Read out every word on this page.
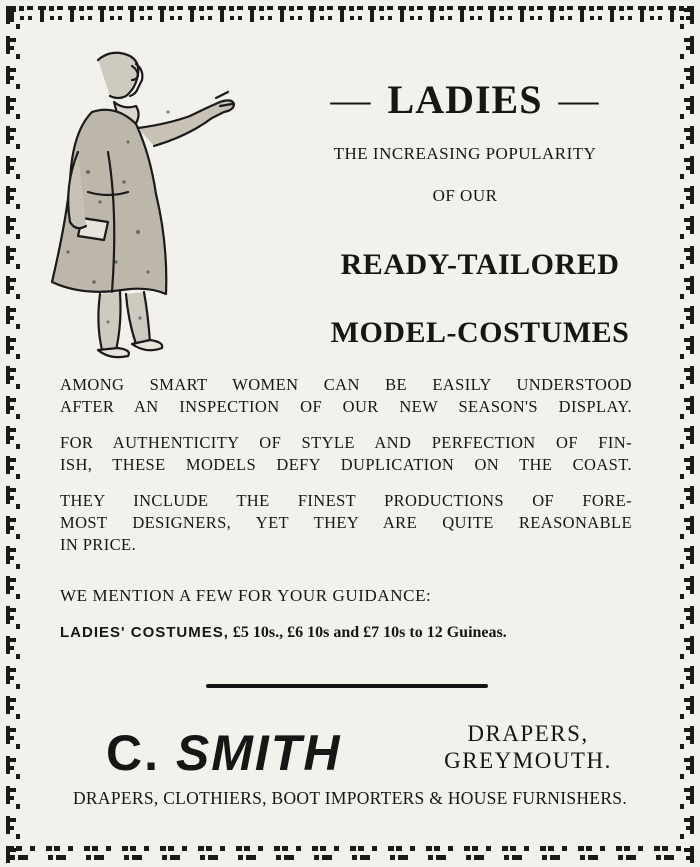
— LADIES —

THE INCREASING POPULARITY

OF OUR

READY-TAILORED

MODEL-COSTUMES

AMONG SMART WOMEN CAN BE EASILY UNDERSTOOD

AFTER AN INSPECTION OF OUR NEW SEASON'S DISPLAY.

FOR AUTHENTICITY OF STYLE AND PERFECTION OF FIN-

ISH, THESE MODELS DEFY DUPLICATION ON THE COAST.

THEY INCLUDE THE FINEST PRODUCTIONS OF FORE-

MOST DESIGNERS, YET THEY ARE QUITE REASONABLE

IN PRICE.

WE MENTION A FEW FOR YOUR GUIDANCE:

LADIES' COSTUMES, £5 10s., £6 10s and £7 10s to 12 Guineas.

C. SMITH	DRAPERS,
GREYMOUTH.

DRAPERS, CLOTHIERS, BOOT IMPORTERS & HOUSE FURNISHERS.
